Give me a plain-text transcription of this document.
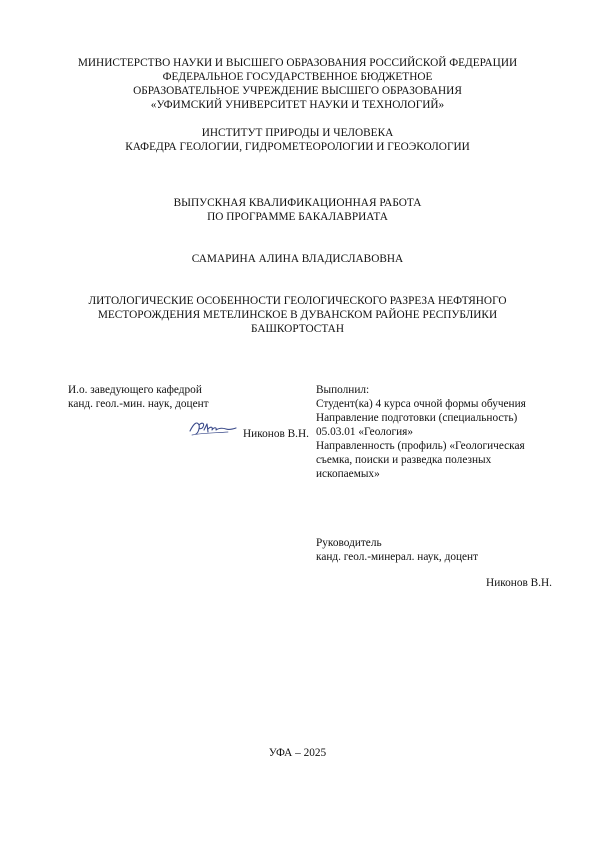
МИНИСТЕРСТВО НАУКИ И ВЫСШЕГО ОБРАЗОВАНИЯ РОССИЙСКОЙ ФЕДЕРАЦИИ
ФЕДЕРАЛЬНОЕ ГОСУДАРСТВЕННОЕ БЮДЖЕТНОЕ
ОБРАЗОВАТЕЛЬНОЕ УЧРЕЖДЕНИЕ ВЫСШЕГО ОБРАЗОВАНИЯ
«УФИМСКИЙ УНИВЕРСИТЕТ НАУКИ И ТЕХНОЛОГИЙ»
ИНСТИТУТ ПРИРОДЫ И ЧЕЛОВЕКА
КАФЕДРА ГЕОЛОГИИ, ГИДРОМЕТЕОРОЛОГИИ И ГЕОЭКОЛОГИИ
ВЫПУСКНАЯ КВАЛИФИКАЦИОННАЯ РАБОТА
ПО ПРОГРАММЕ БАКАЛАВРИАТА
САМАРИНА АЛИНА ВЛАДИСЛАВОВНА
ЛИТОЛОГИЧЕСКИЕ ОСОБЕННОСТИ ГЕОЛОГИЧЕСКОГО РАЗРЕЗА НЕФТЯНОГО
МЕСТОРОЖДЕНИЯ МЕТЕЛИНСКОЕ В ДУВАНСКОМ РАЙОНЕ РЕСПУБЛИКИ
БАШКОРТОСТАН
И.о. заведующего кафедрой
канд. геол.-мин. наук, доцент
Никонов В.Н.
Выполнил:
Студент(ка) 4 курса очной формы обучения
Направление подготовки (специальность)
05.03.01 «Геология»
Направленность (профиль) «Геологическая
съемка, поиски и разведка полезных
ископаемых»
Руководитель
канд. геол.-минерал. наук, доцент
Никонов В.Н.
УФА – 2025
